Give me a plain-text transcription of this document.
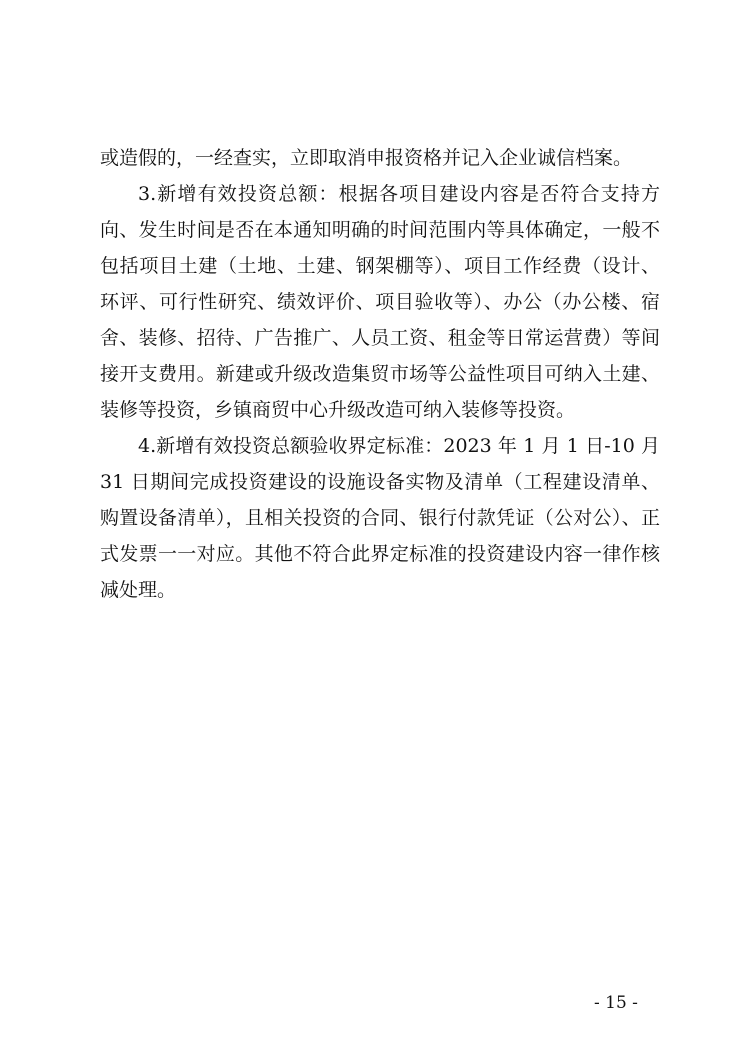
或造假的，一经查实，立即取消申报资格并记入企业诚信档案。

3.新增有效投资总额：根据各项目建设内容是否符合支持方向、发生时间是否在本通知明确的时间范围内等具体确定，一般不包括项目土建（土地、土建、钢架棚等）、项目工作经费（设计、环评、可行性研究、绩效评价、项目验收等）、办公（办公楼、宿舍、装修、招待、广告推广、人员工资、租金等日常运营费）等间接开支费用。新建或升级改造集贸市场等公益性项目可纳入土建、装修等投资，乡镇商贸中心升级改造可纳入装修等投资。

4.新增有效投资总额验收界定标准：2023 年 1 月 1 日-10 月 31 日期间完成投资建设的设施设备实物及清单（工程建设清单、购置设备清单），且相关投资的合同、银行付款凭证（公对公）、正式发票一一对应。其他不符合此界定标准的投资建设内容一律作核减处理。

- 15 -
